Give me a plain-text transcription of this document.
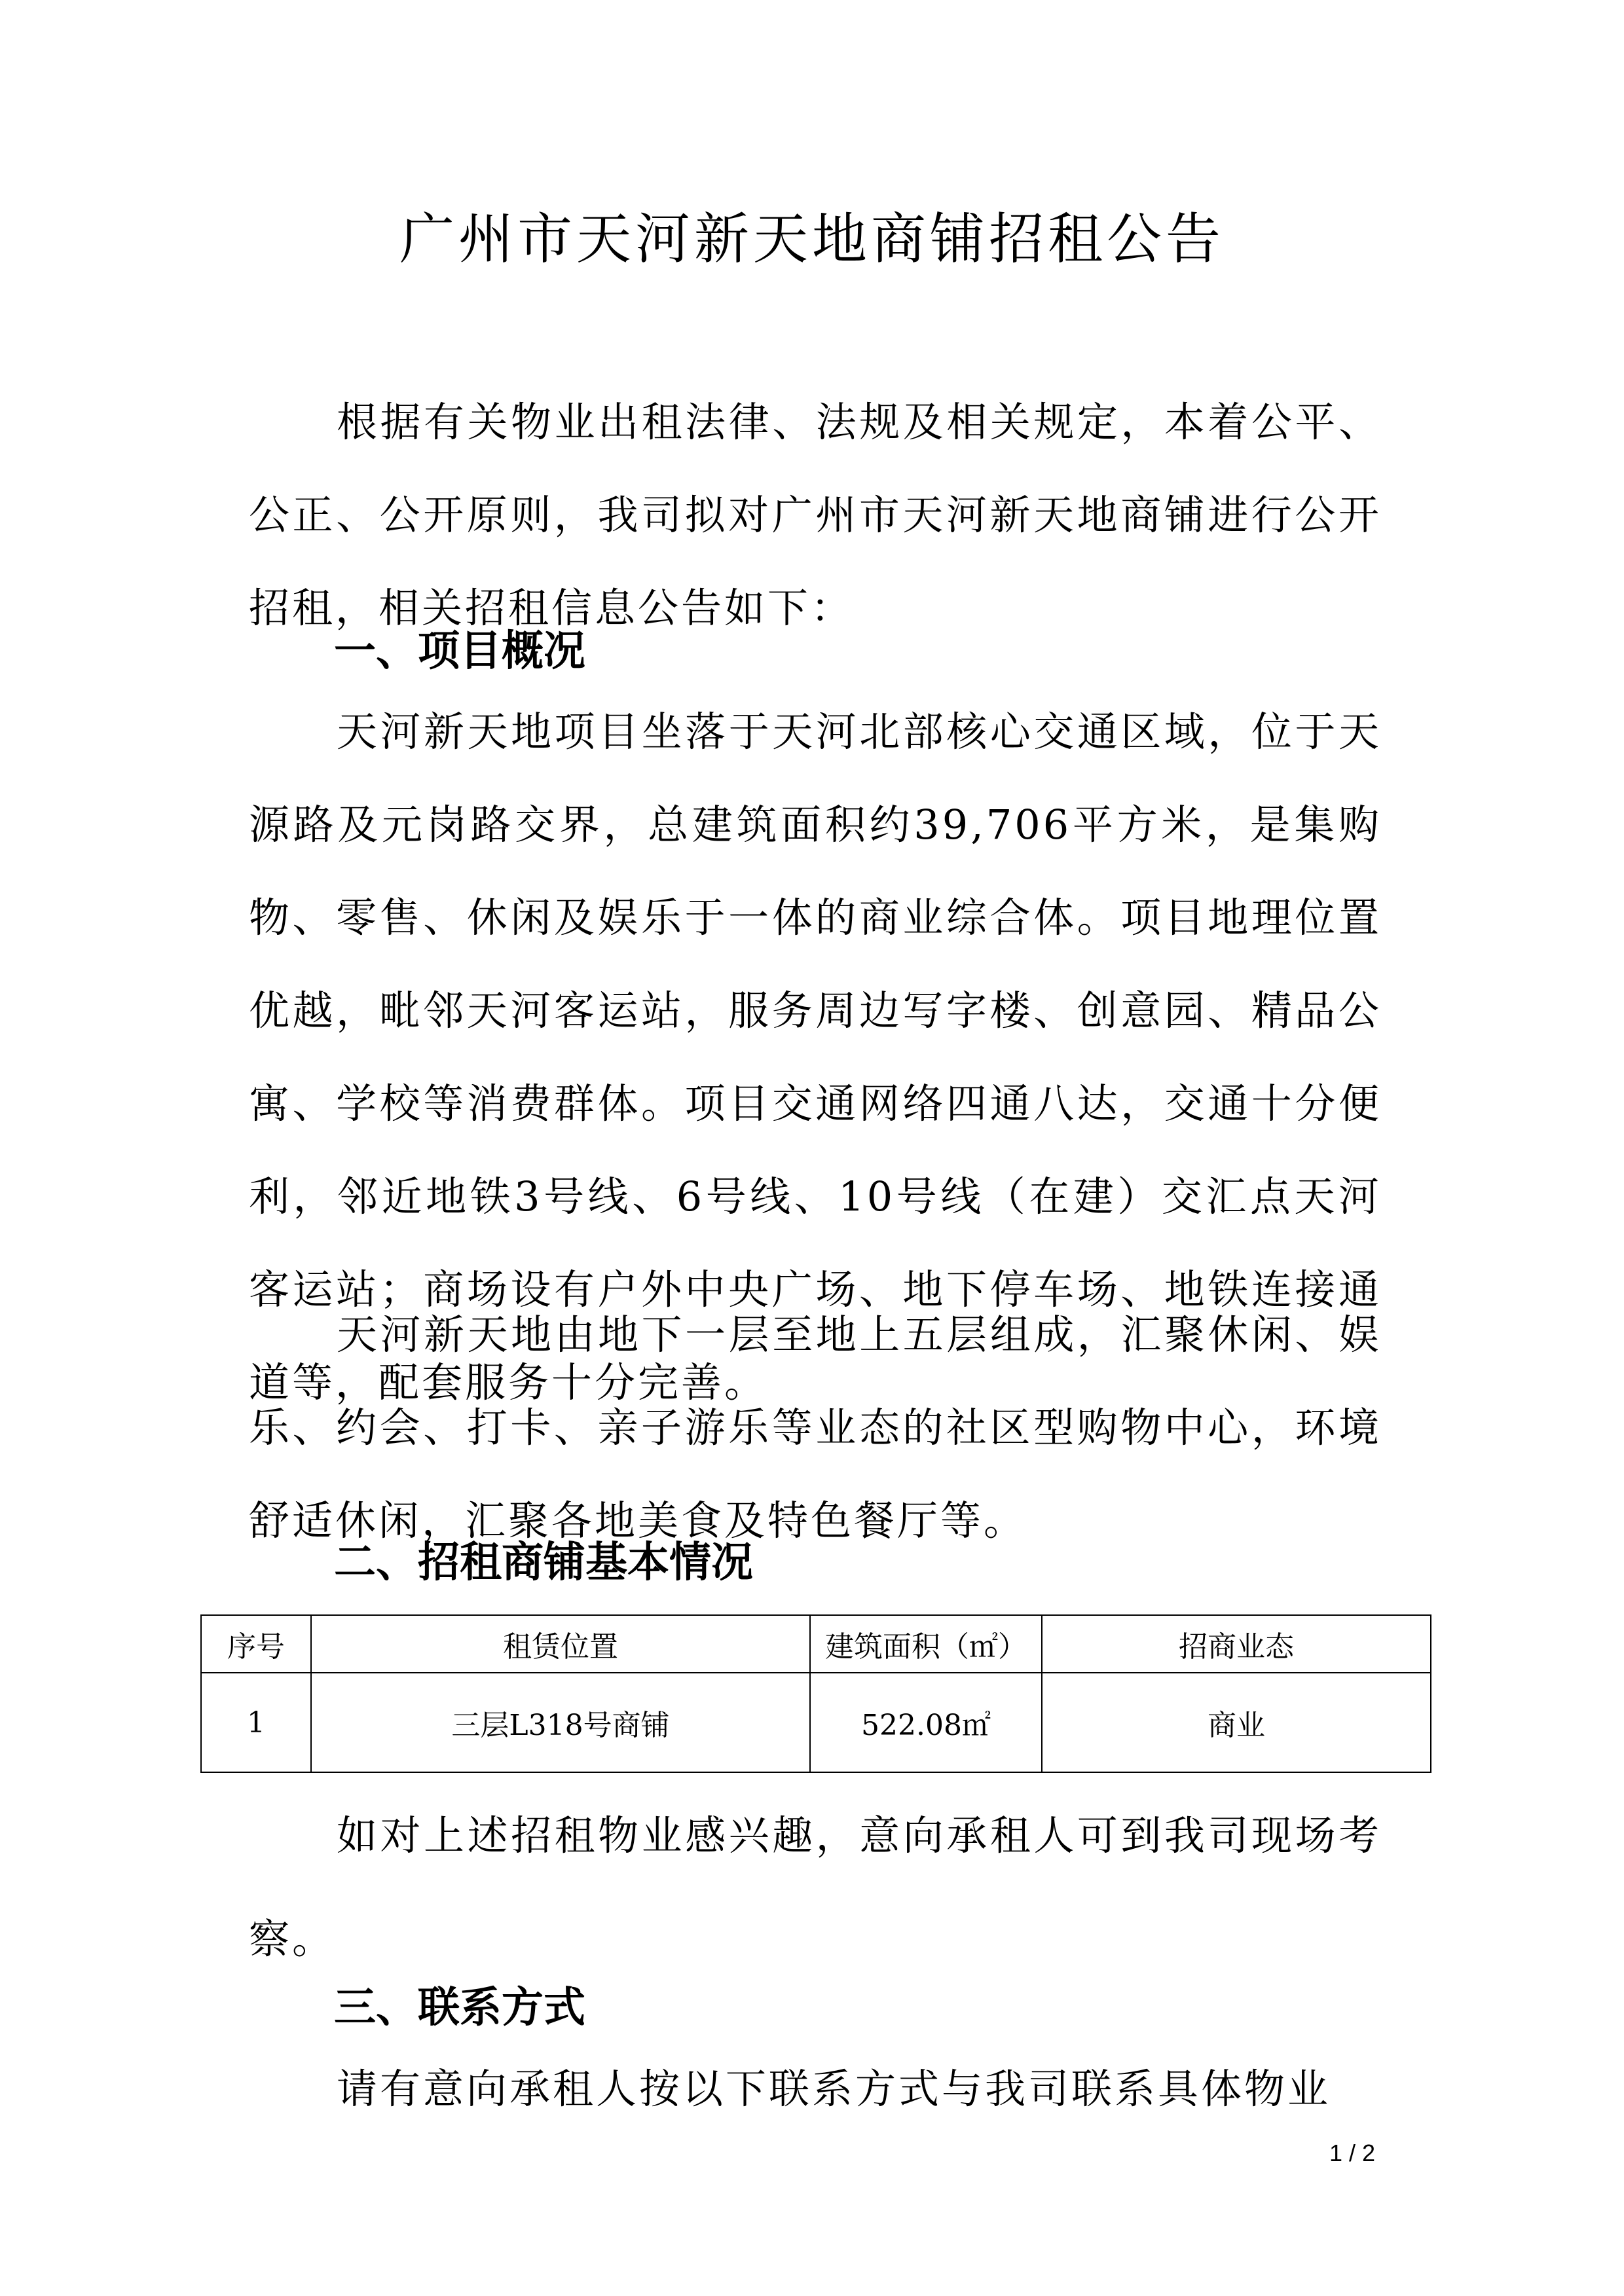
广州市天河新天地商铺招租公告

根据有关物业出租法律、法规及相关规定，本着公平、公正、公开原则，我司拟对广州市天河新天地商铺进行公开招租，相关招租信息公告如下：

一、项目概况

天河新天地项目坐落于天河北部核心交通区域，位于天源路及元岗路交界，总建筑面积约39,706平方米，是集购物、零售、休闲及娱乐于一体的商业综合体。项目地理位置优越，毗邻天河客运站，服务周边写字楼、创意园、精品公寓、学校等消费群体。项目交通网络四通八达，交通十分便利，邻近地铁3号线、6号线、10号线（在建）交汇点天河客运站；商场设有户外中央广场、地下停车场、地铁连接通道等，配套服务十分完善。

天河新天地由地下一层至地上五层组成，汇聚休闲、娱乐、约会、打卡、亲子游乐等业态的社区型购物中心，环境舒适休闲，汇聚各地美食及特色餐厅等。

二、招租商铺基本情况

序号	租赁位置	建筑面积（㎡）	招商业态
1	三层L318号商铺	522.08㎡	商业

如对上述招租物业感兴趣，意向承租人可到我司现场考察。

三、联系方式

请有意向承租人按以下联系方式与我司联系具体物业

1 / 2
